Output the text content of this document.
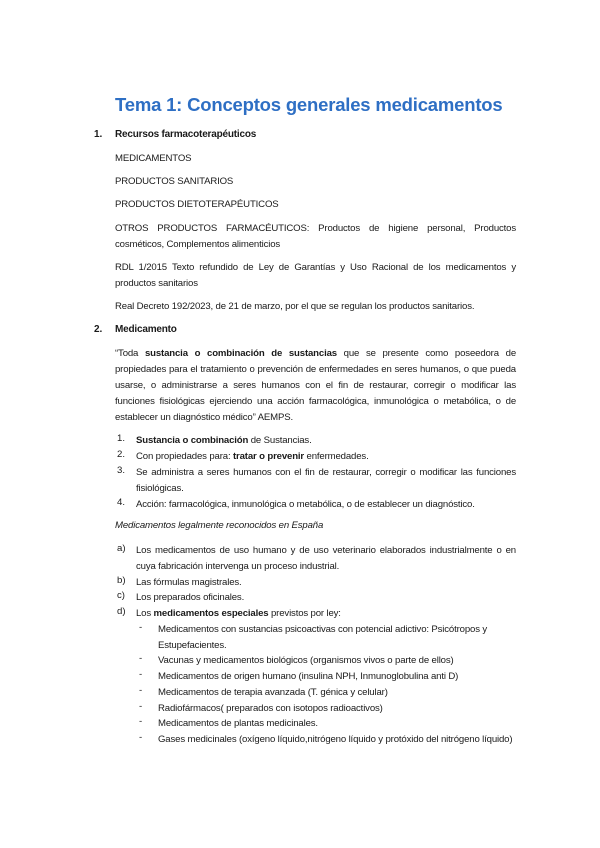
Tema 1: Conceptos generales medicamentos
1. Recursos farmacoterapéuticos
MEDICAMENTOS
PRODUCTOS SANITARIOS
PRODUCTOS DIETOTERAPÉUTICOS
OTROS PRODUCTOS FARMACÉUTICOS: Productos de higiene personal, Productos cosméticos, Complementos alimenticios
RDL 1/2015 Texto refundido de Ley de Garantías y Uso Racional de los medicamentos y productos sanitarios
Real Decreto 192/2023, de 21 de marzo, por el que se regulan los productos sanitarios.
2. Medicamento
“Toda sustancia o combinación de sustancias que se presente como poseedora de propiedades para el tratamiento o prevención de enfermedades en seres humanos, o que pueda usarse, o administrarse a seres humanos con el fin de restaurar, corregir o modificar las funciones fisiológicas ejerciendo una acción farmacológica, inmunológica o metabólica, o de establecer un diagnóstico médico” AEMPS.
1. Sustancia o combinación de Sustancias.
2. Con propiedades para: tratar o prevenir enfermedades.
3. Se administra a seres humanos con el fin de restaurar, corregir o modificar las funciones fisiológicas.
4. Acción: farmacológica, inmunológica o metabólica, o de establecer un diagnóstico.
Medicamentos legalmente reconocidos en España
a) Los medicamentos de uso humano y de uso veterinario elaborados industrialmente o en cuya fabricación intervenga un proceso industrial.
b) Las fórmulas magistrales.
c) Los preparados oficinales.
d) Los medicamentos especiales previstos por ley:
- Medicamentos con sustancias psicoactivas con potencial adictivo: Psicótropos y Estupefacientes.
- Vacunas y medicamentos biológicos (organismos vivos o parte de ellos)
- Medicamentos de origen humano (insulina NPH, Inmunoglobulina anti D)
- Medicamentos de terapia avanzada (T. génica y celular)
- Radiofármacos( preparados con isotopos radioactivos)
- Medicamentos de plantas medicinales.
- Gases medicinales (oxígeno líquido,nitrógeno líquido y protóxido del nitrógeno líquido)
